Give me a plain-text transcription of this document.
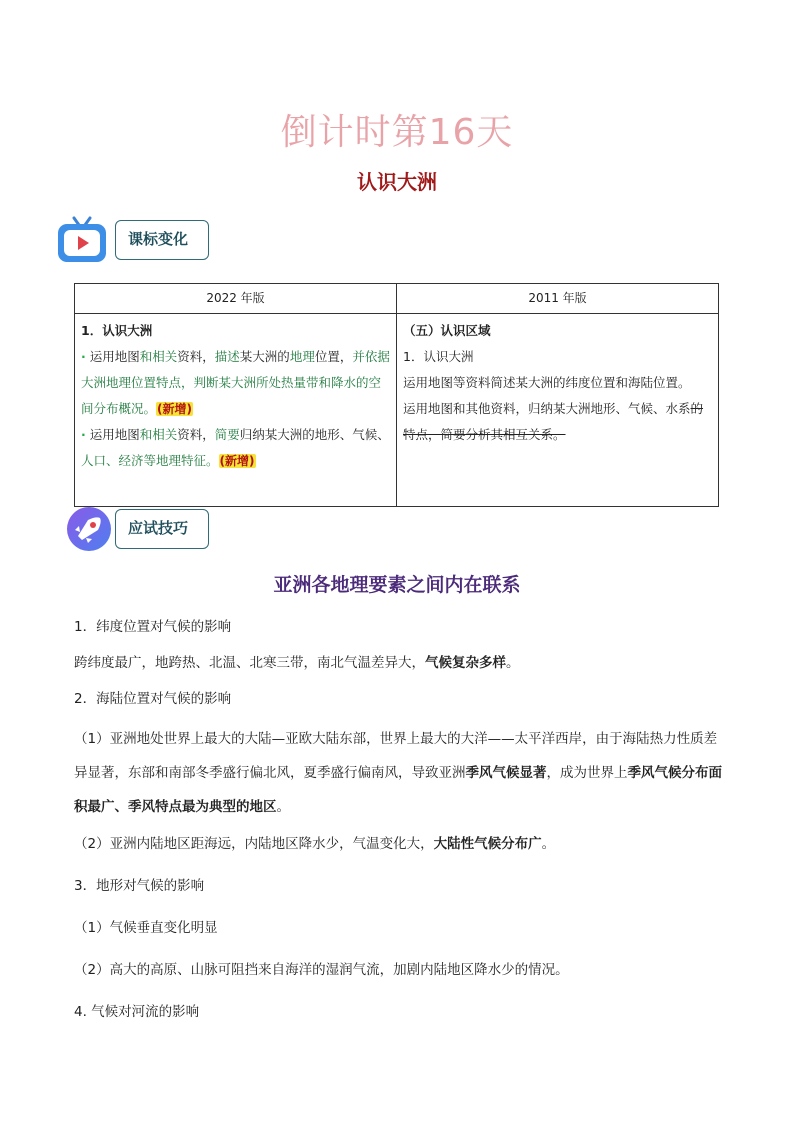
倒计时第16天
认识大洲
课标变化
2022 年版	2011 年版

1．认识大洲
· 运用地图和相关资料，描述某大洲的地理位置，并依据大洲地理位置特点，判断某大洲所处热量带和降水的空间分布概况。(新增)
· 运用地图和相关资料，简要归纳某大洲的地形、气候、人口、经济等地理特征。(新增)	（五）认识区域
1．认识大洲
运用地图等资料简述某大洲的纬度位置和海陆位置。
运用地图和其他资料，归纳某大洲地形、气候、水系的特点，简要分析其相互关系。
应试技巧
亚洲各地理要素之间内在联系
1．纬度位置对气候的影响
跨纬度最广，地跨热、北温、北寒三带，南北气温差异大，气候复杂多样。
2．海陆位置对气候的影响
（1）亚洲地处世界上最大的大陆—亚欧大陆东部，世界上最大的大洋——太平洋西岸，由于海陆热力性质差异显著，东部和南部冬季盛行偏北风，夏季盛行偏南风，导致亚洲季风气候显著，成为世界上季风气候分布面积最广、季风特点最为典型的地区。
（2）亚洲内陆地区距海远，内陆地区降水少，气温变化大，大陆性气候分布广。
3．地形对气候的影响
（1）气候垂直变化明显
（2）高大的高原、山脉可阻挡来自海洋的湿润气流，加剧内陆地区降水少的情况。
4. 气候对河流的影响
